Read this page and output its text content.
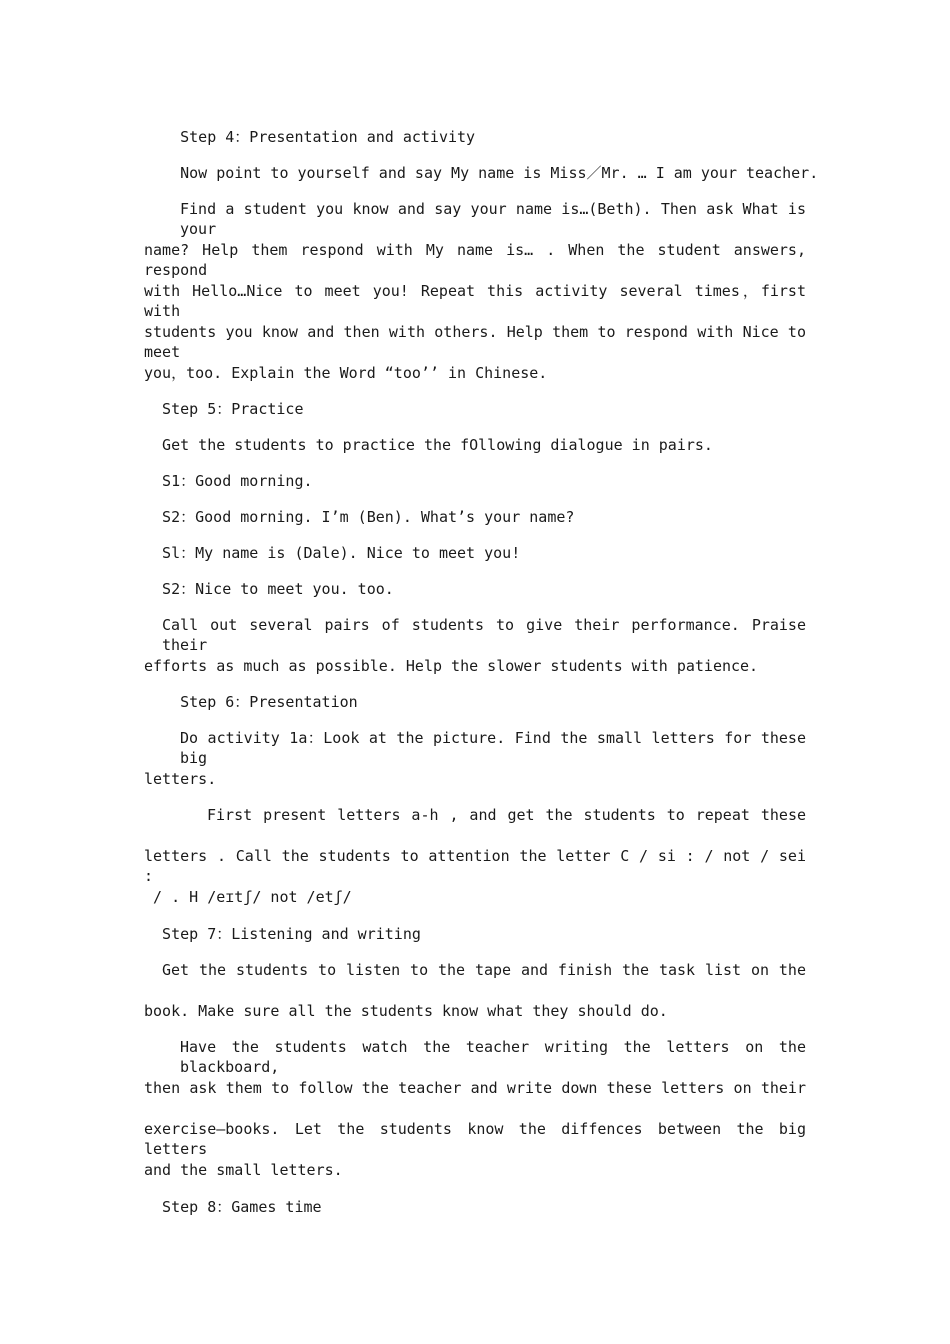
Step 4：Presentation and activity
Now point to yourself and say My name is Miss／Mr. … I am your teacher.
Find a student you know and say your name is…(Beth). Then ask What is your
name? Help them respond with My name is… . When the student answers, respond
with Hello…Nice to meet you! Repeat this activity several times，first with
students you know and then with others. Help them to respond with Nice to meet
you，too. Explain the Word “too’’ in Chinese.
Step 5：Practice
Get the students to practice the fOllowing dialogue in pairs.
S1：Good morning.
S2：Good morning. I’m (Ben). What’s your name?
Sl：My name is (Dale). Nice to meet you!
S2：Nice to meet you. too.
Call out several pairs of students to give their performance. Praise their
efforts as much as possible. Help the slower students with patience.
Step 6：Presentation
Do activity 1a：Look at the picture. Find the small letters for these big
letters.
First present letters a-h , and get the students to repeat these
letters . Call the students to attention the letter C / si : / not / sei :
/ . H /eɪtʃ/ not /etʃ/
Step 7：Listening and writing
Get the students to listen to the tape and finish the task list on the
book. Make sure all the students know what they should do.
Have the students watch the teacher writing the letters on the blackboard,
then ask them to follow the teacher and write down these letters on their
exercise—books. Let the students know the diffences between the big letters
and the small letters.
Step 8：Games time
